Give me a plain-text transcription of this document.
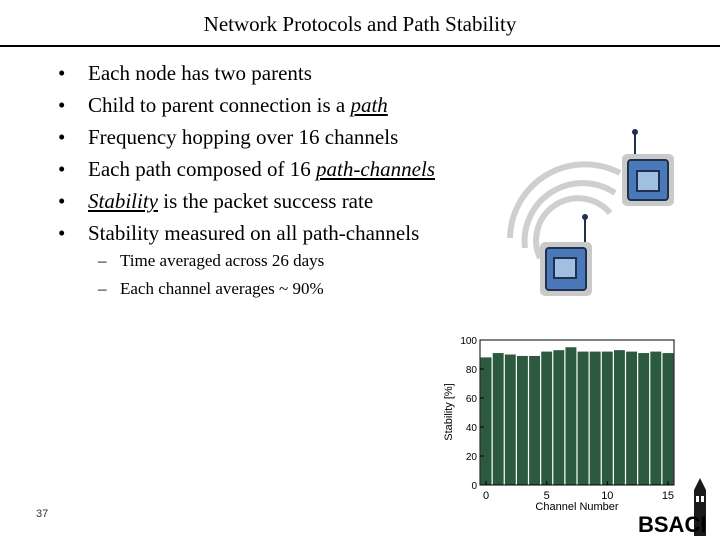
Network Protocols and Path Stability
• Each node has two parents
• Child to parent connection is a path
• Frequency hopping over 16 channels
• Each path composed of 16 path-channels
• Stability is the packet success rate
• Stability measured on all path-channels
– Time averaged across 26 days
– Each channel averages ~ 90%
0
20
40
60
80
100
0	5	10	15
Channel Number
Stability [%]
BSACI
37
